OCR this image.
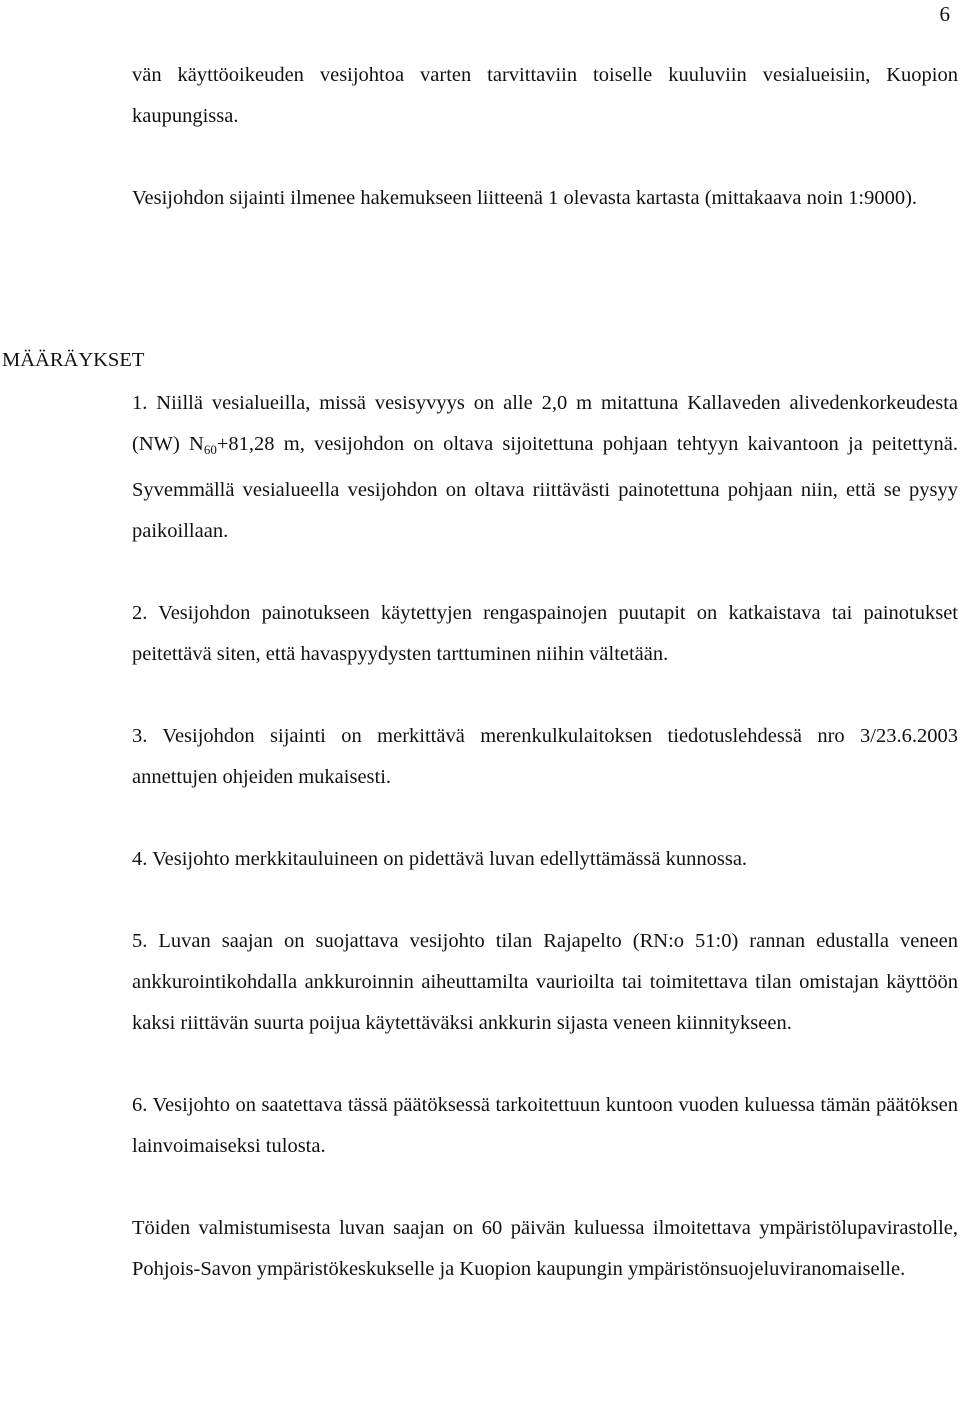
6
MÄÄRÄYKSET

vän käyttöoikeuden vesijohtoa varten tarvittaviin toiselle kuuluviin vesialueisiin, Kuopion kaupungissa.

Vesijohdon sijainti ilmenee hakemukseen liitteenä 1 olevasta kartasta (mittakaava noin 1:9000).

1. Niillä vesialueilla, missä vesisyvyys on alle 2,0 m mitattuna Kallaveden alivedenkorkeudesta (NW) $N_{60}+81,28$ m, vesijohdon on oltava sijoitettuna pohjaan tehtyyn kaivantoon ja peitettynä. Syvemmällä vesialueella vesijohdon on oltava riittävästi painotettuna pohjaan niin, että se pysyy paikoillaan.

2. Vesijohdon painotukseen käytettyjen rengaspainojen puutapit on katkaistava tai painotukset peitettävä siten, että havaspyydysten tarttuminen niihin vältetään.

3. Vesijohdon sijainti on merkittävä merenkulkulaitoksen tiedotuslehdessä nro 3/23.6.2003 annettujen ohjeiden mukaisesti.

4. Vesijohto merkkitauluineen on pidettävä luvan edellyttämässä kunnossa.

5. Luvan saajan on suojattava vesijohto tilan Rajapelto (RN:o 51:0) rannan edustalla veneen ankkurointikohdalla ankkuroinnin aiheuttamilta vaurioilta tai toimitettava tilan omistajan käyttöön kaksi riittävän suurta poijua käytettäväksi ankkurin sijasta veneen kiinnitykseen.

6. Vesijohto on saatettava tässä päätöksessä tarkoitettuun kuntoon vuoden kuluessa tämän päätöksen lainvoimaiseksi tulosta.

Töiden valmistumisesta luvan saajan on 60 päivän kuluessa ilmoitettava ympäristölupavirastolle, Pohjois-Savon ympäristökeskukselle ja Kuopion kaupungin ympäristönsuojeluviranomaiselle.
